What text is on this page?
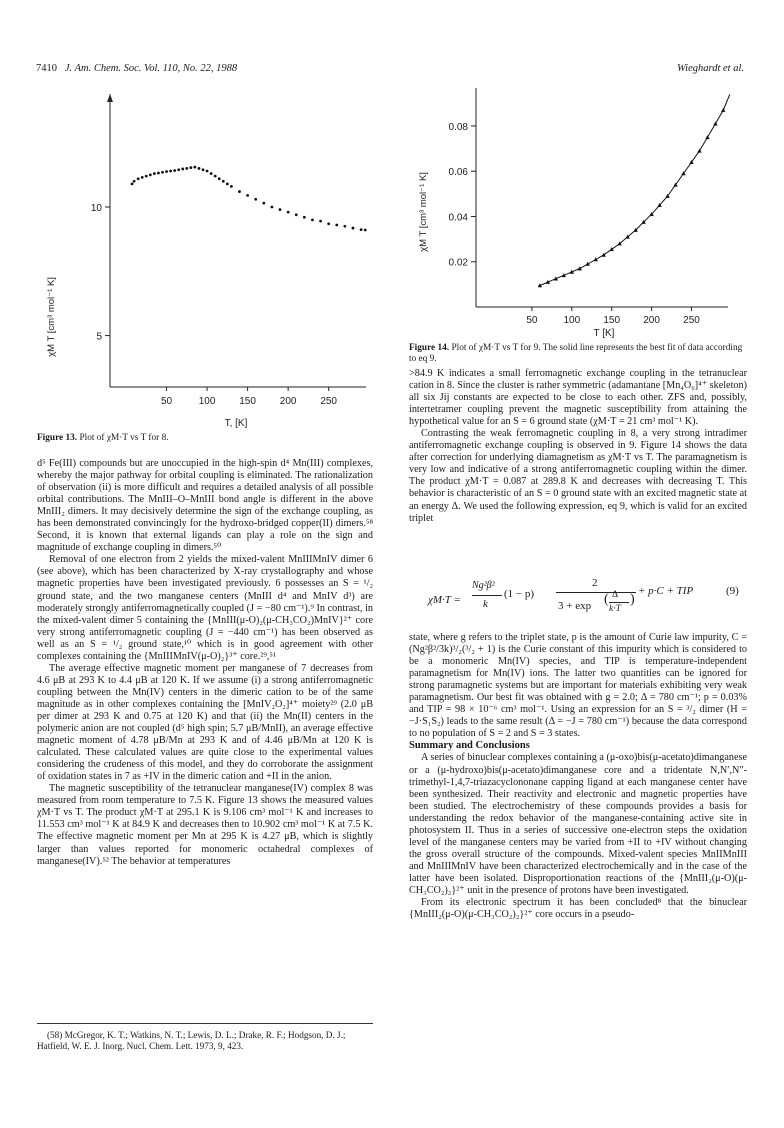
7410 J. Am. Chem. Soc. Vol. 110, No. 22, 1988	Wieghardt et al.
10
5
50	100 150 200 250
T, [K]
χM T [cm³ mol⁻¹ K]
Figure 13. Plot of χM·T vs T for 8.
0.08
0.06
0.04
0.02
50	100 150 200 250
T [K]
χM T [cm³ mol⁻¹ K]
Figure 14. Plot of χM·T vs T for 9. The solid line represents the best fit of data according to eq 9.

d⁵ Fe(III) compounds but are unoccupied in the high-spin d⁴ Mn(III) complexes, whereby the major pathway for orbital coupling is eliminated. The rationalization of observation (ii) is more difficult and requires a detailed analysis of all possible orbital contributions. The MnIII–O–MnIII bond angle is different in the above MnIII₂ dimers. It may decisively determine the sign of the exchange coupling, as has been demonstrated convincingly for the hydroxo-bridged copper(II) dimers.⁵⁸ Second, it is known that external ligands can play a role on the sign and magnitude of exchange coupling in dimers.⁵⁰

Removal of one electron from 2 yields the mixed-valent MnIIIMnIV dimer 6 (see above), which has been characterized by X-ray crystallography and whose magnetic properties have been investigated previously. 6 possesses an S = ¹/₂ ground state, and the two manganese centers (MnIII d⁴ and MnIV d³) are moderately strongly antiferromagnetically coupled (J = −80 cm⁻¹).⁹ In contrast, in the mixed-valent dimer 5 containing the {MnIII(μ-O)₂(μ-CH₃CO₂)MnIV}²⁺ core very strong antiferromagnetic coupling (J = −440 cm⁻¹) has been observed as well as an S = ¹/₂ ground state,¹⁰ which is in good agreement with other complexes containing the {MnIIIMnIV(μ-O)₂}³⁺ core.²⁹,⁵¹

The average effective magnetic moment per manganese of 7 decreases from 4.6 μB at 293 K to 4.4 μB at 120 K. If we assume (i) a strong antiferromagnetic coupling between the Mn(IV) centers in the dimeric cation to be of the same magnitude as in other complexes containing the [MnIV₂O₂]⁴⁺ moiety²⁹ (2.0 μB per dimer at 293 K and 0.75 at 120 K) and that (ii) the Mn(II) centers in the polymeric anion are not coupled (d⁵ high spin; 5.7 μB/MnII), an average effective magnetic moment of 4.78 μB/Mn at 293 K and of 4.46 μB/Mn at 120 K is calculated. These calculated values are quite close to the experimental values considering the crudeness of this model, and they do corroborate the assignment of oxidation states in 7 as +IV in the dimeric cation and +II in the anion.

The magnetic susceptibility of the tetranuclear manganese(IV) complex 8 was measured from room temperature to 7.5 K. Figure 13 shows the measured values χM·T vs T. The product χM·T at 295.1 K is 9.106 cm³ mol⁻¹ K and increases to 11.553 cm³ mol⁻¹ K at 84.9 K and decreases then to 10.902 cm³ mol⁻¹ K at 7.5 K. The effective magnetic moment per Mn at 295 K is 4.27 μB, which is slightly larger than values reported for monomeric octahedral complexes of manganese(IV).⁵² The behavior at temperatures

(58) McGregor, K. T.; Watkins, N. T.; Lewis, D. L.; Drake, R. F.; Hodgson, D. J.; Hatfield, W. E. J. Inorg. Nucl. Chem. Lett. 1973, 9, 423.

>84.9 K indicates a small ferromagnetic exchange coupling in the tetranuclear cation in 8. Since the cluster is rather symmetric (adamantane [Mn₄O₆]⁴⁺ skeleton) all six Jij constants are expected to be close to each other. ZFS and, possibly, intertetramer coupling prevent the magnetic susceptibility from attaining the hypothetical value for an S = 6 ground state (χM·T = 21 cm³ mol⁻¹ K).

Contrasting the weak ferromagnetic coupling in 8, a very strong intradimer antiferromagnetic exchange coupling is observed in 9. Figure 14 shows the data after correction for underlying diamagnetism as χM·T vs T. The paramagnetism is very low and indicative of a strong antiferromagnetic coupling within the dimer. The product χM·T = 0.087 at 289.8 K and decreases with decreasing T. This behavior is characteristic of an S = 0 ground state with an excited magnetic state at an energy Δ. We used the following expression, eq 9, which is valid for an excited triplet

χM·T =
Ng²β²
k
(1 − p)
2
3 + exp ( Δ
k·T
)
+ p·C + TIP	(9)

state, where g refers to the triplet state, p is the amount of Curie law impurity, C = (Ng²β²/3k)³/₂(³/₂ + 1) is the Curie constant of this impurity which is considered to be a monomeric Mn(IV) species, and TIP is temperature-independent paramagnetism for Mn(IV) ions. The latter two quantities can be ignored for strong paramagnetic systems but are important for materials exhibiting very weak paramagnetism. Our best fit was obtained with g = 2.0; Δ = 780 cm⁻¹; p = 0.03% and TIP = 98 × 10⁻⁶ cm³ mol⁻¹. Using an expression for an S = ³/₂ dimer (H = −J·S₁S₂) leads to the same result (Δ = −J = 780 cm⁻¹) because the data correspond to no population of S = 2 and S = 3 states.

Summary and Conclusions

A series of binuclear complexes containing a (μ-oxo)bis(μ-acetato)dimanganese or a (μ-hydroxo)bis(μ-acetato)dimanganese core and a tridentate N,N′,N″-trimethyl-1,4,7-triazacyclononane capping ligand at each manganese center have been synthesized. Their reactivity and electronic and magnetic properties have been studied. The electrochemistry of these compounds provides a basis for understanding the redox behavior of the manganese-containing active site in photosystem II. Thus in a series of successive one-electron steps the oxidation level of the manganese centers may be varied from +II to +IV without changing the gross overall structure of the compounds. Mixed-valent species MnIIMnIII and MnIIIMnIV have been characterized electrochemically and in the case of the latter have been isolated. Disproportionation reactions of the {MnIII₂(μ-O)(μ-CH₃CO₂)₂}²⁺ unit in the presence of protons have been investigated.

From its electronic spectrum it has been concluded⁸ that the binuclear {MnIII₂(μ-O)(μ-CH₃CO₂)₂}²⁺ core occurs in a pseudo-
